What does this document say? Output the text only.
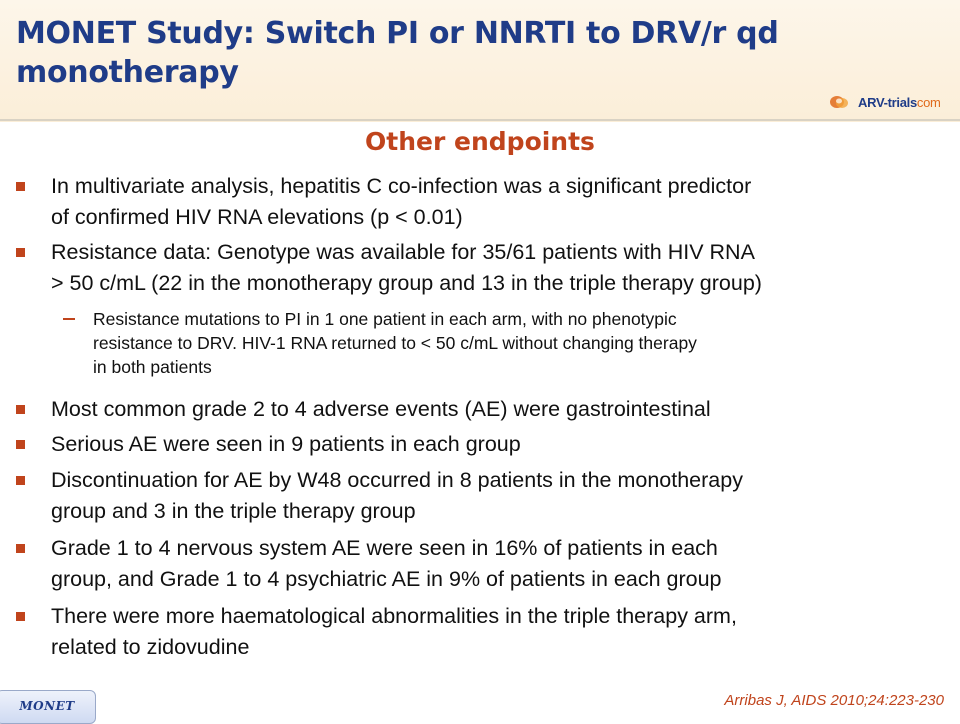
MONET Study: Switch PI or NNRTI to DRV/r qd
monotherapy
ARV-trialscom
Other endpoints
In multivariate analysis, hepatitis C co-infection was a significant predictor
of confirmed HIV RNA elevations (p < 0.01)
Resistance data: Genotype was available for 35/61 patients with HIV RNA
> 50 c/mL (22 in the monotherapy group and 13 in the triple therapy group)
Resistance mutations to PI in 1 one patient in each arm, with no phenotypic
resistance to DRV. HIV-1 RNA returned to < 50 c/mL without changing therapy
in both patients
Most common grade 2 to 4 adverse events (AE) were gastrointestinal
Serious AE were seen in 9 patients in each group
Discontinuation for AE by W48 occurred in 8 patients in the monotherapy
group and 3 in the triple therapy group
Grade 1 to 4 nervous system AE were seen in 16% of patients in each
group, and Grade 1 to 4 psychiatric AE in 9% of patients in each group
There were more haematological abnormalities in the triple therapy arm,
related to zidovudine
MONET	Arribas J, AIDS 2010;24:223-230
